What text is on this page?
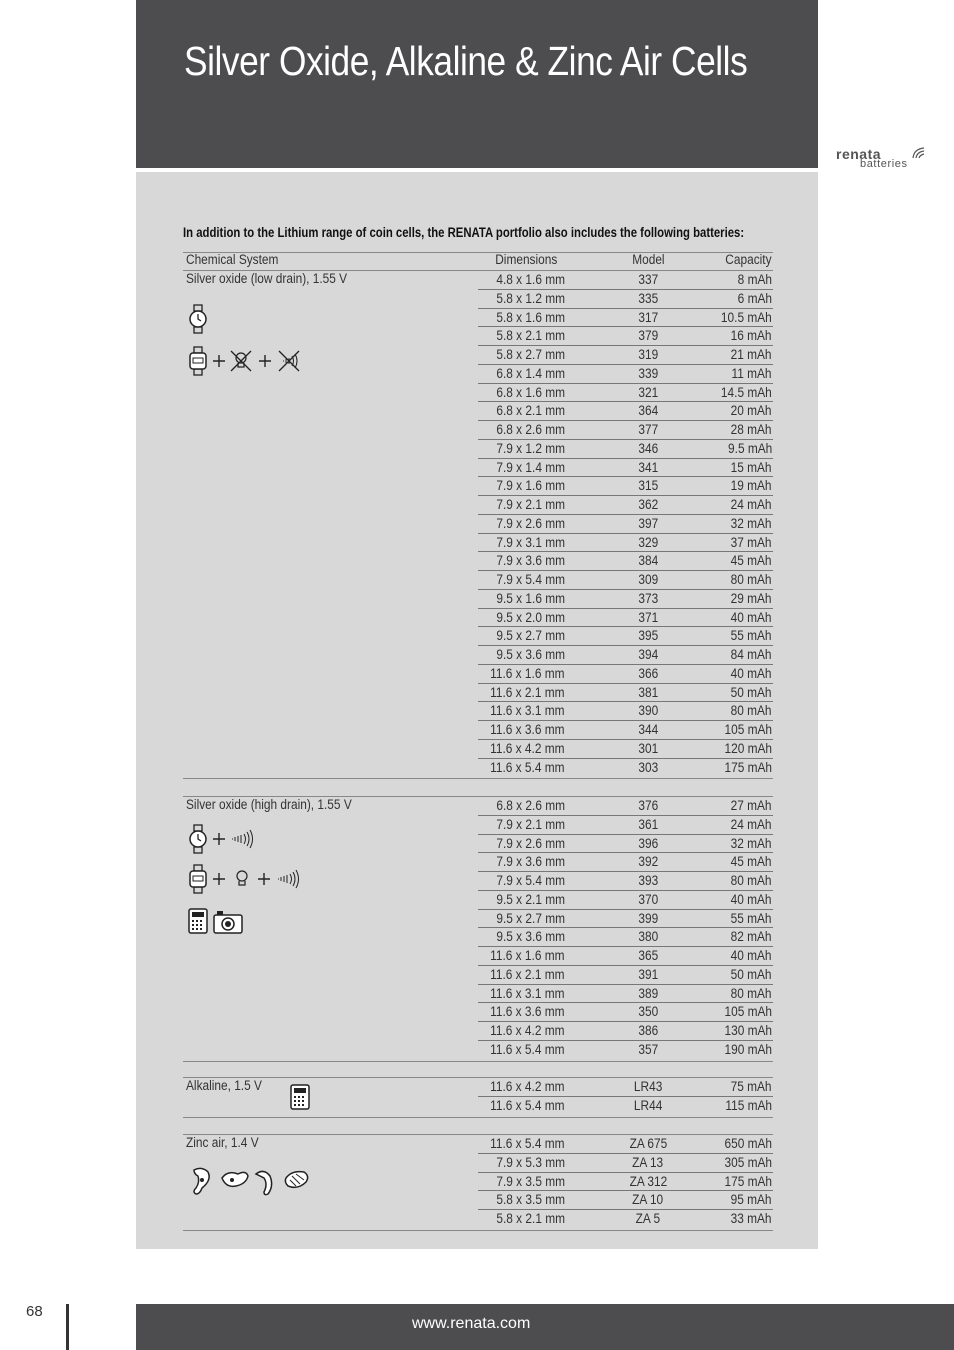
Silver Oxide, Alkaline & Zinc Air Cells
renata
batteries
In addition to the Lithium range of coin cells, the RENATA portfolio also includes the following batteries:
Chemical System	Dimensions	Model	Capacity
Silver oxide (low drain), 1.55 V	4.8 x 1.6 mm	337	8 mAh
5.8 x 1.2 mm	335	6 mAh
5.8 x 1.6 mm	317	10.5 mAh
5.8 x 2.1 mm	379	16 mAh
5.8 x 2.7 mm	319	21 mAh
6.8 x 1.4 mm	339	11 mAh
6.8 x 1.6 mm	321	14.5 mAh
6.8 x 2.1 mm	364	20 mAh
6.8 x 2.6 mm	377	28 mAh
7.9 x 1.2 mm	346	9.5 mAh
7.9 x 1.4 mm	341	15 mAh
7.9 x 1.6 mm	315	19 mAh
7.9 x 2.1 mm	362	24 mAh
7.9 x 2.6 mm	397	32 mAh
7.9 x 3.1 mm	329	37 mAh
7.9 x 3.6 mm	384	45 mAh
7.9 x 5.4 mm	309	80 mAh
9.5 x 1.6 mm	373	29 mAh
9.5 x 2.0 mm	371	40 mAh
9.5 x 2.7 mm	395	55 mAh
9.5 x 3.6 mm	394	84 mAh
11.6 x 1.6 mm	366	40 mAh
11.6 x 2.1 mm	381	50 mAh
11.6 x 3.1 mm	390	80 mAh
11.6 x 3.6 mm	344	105 mAh
11.6 x 4.2 mm	301	120 mAh
11.6 x 5.4 mm	303	175 mAh
Silver oxide (high drain), 1.55 V	6.8 x 2.6 mm	376	27 mAh
7.9 x 2.1 mm	361	24 mAh
7.9 x 2.6 mm	396	32 mAh
7.9 x 3.6 mm	392	45 mAh
7.9 x 5.4 mm	393	80 mAh
9.5 x 2.1 mm	370	40 mAh
9.5 x 2.7 mm	399	55 mAh
9.5 x 3.6 mm	380	82 mAh
11.6 x 1.6 mm	365	40 mAh
11.6 x 2.1 mm	391	50 mAh
11.6 x 3.1 mm	389	80 mAh
11.6 x 3.6 mm	350	105 mAh
11.6 x 4.2 mm	386	130 mAh
11.6 x 5.4 mm	357	190 mAh
Alkaline, 1.5 V	11.6 x 4.2 mm	LR43	75 mAh
11.6 x 5.4 mm	LR44	115 mAh
Zinc air, 1.4 V	11.6 x 5.4 mm	ZA 675	650 mAh
7.9 x 5.3 mm	ZA 13	305 mAh
7.9 x 3.5 mm	ZA 312	175 mAh
5.8 x 3.5 mm	ZA 10	95 mAh
5.8 x 2.1 mm	ZA 5	33 mAh
www.renata.com
68
